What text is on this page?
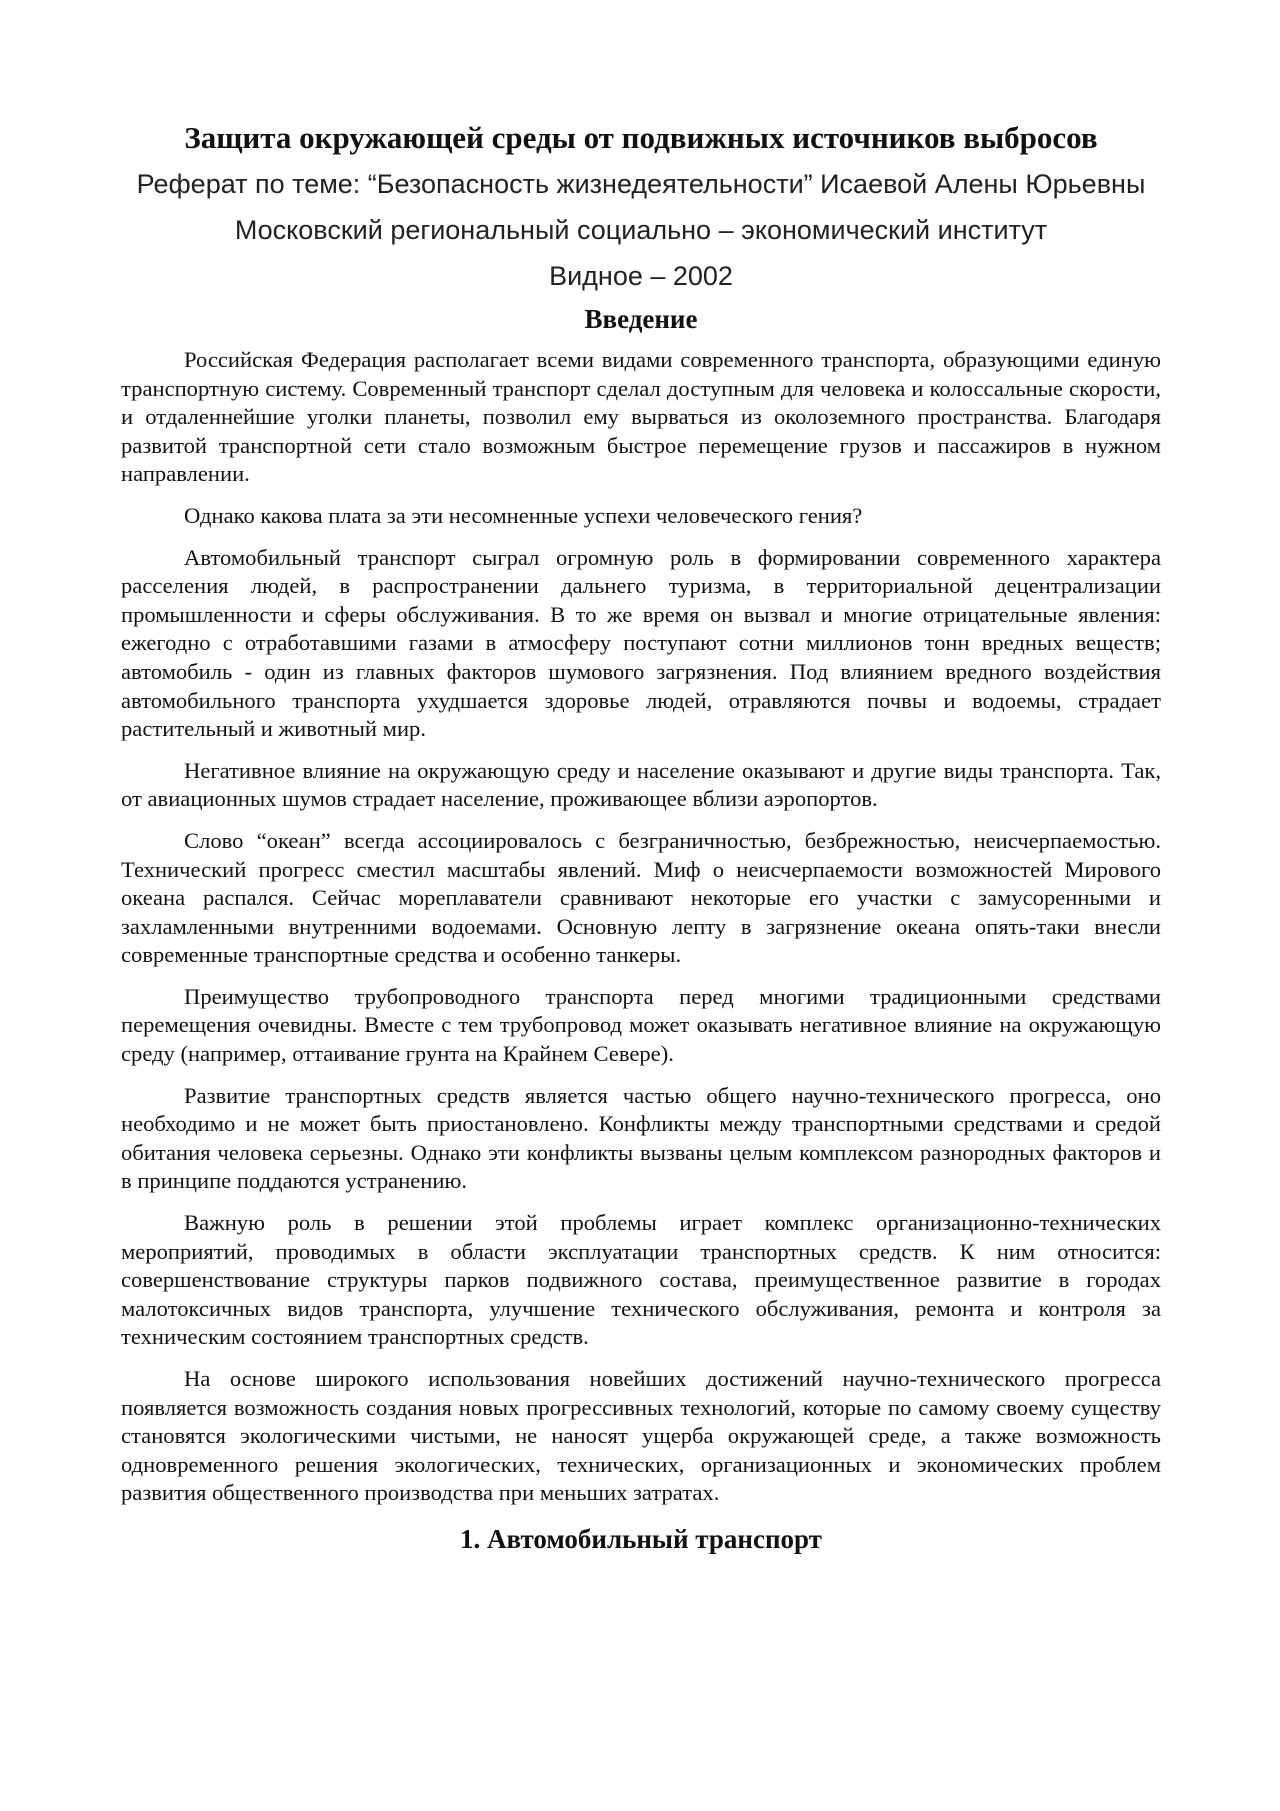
Защита окружающей среды от подвижных источников выбросов
Реферат по теме: “Безопасность жизнедеятельности” Исаевой Алены Юрьевны
Московский региональный социально – экономический институт
Видное – 2002
Введение

Российская Федерация располагает всеми видами современного транспорта, образующими единую транспортную систему. Современный транспорт сделал доступным для человека и колоссальные скорости, и отдаленнейшие уголки планеты, позволил ему вырваться из околоземного пространства. Благодаря развитой транспортной сети стало возможным быстрое перемещение грузов и пассажиров в нужном направлении.

Однако какова плата за эти несомненные успехи человеческого гения?

Автомобильный транспорт сыграл огромную роль в формировании современного характера расселения людей, в распространении дальнего туризма, в территориальной децентрализации промышленности и сферы обслуживания. В то же время он вызвал и многие отрицательные явления: ежегодно с отработавшими газами в атмосферу поступают сотни миллионов тонн вредных веществ; автомобиль - один из главных факторов шумового загрязнения. Под влиянием вредного воздействия автомобильного транспорта ухудшается здоровье людей, отравляются почвы и водоемы, страдает растительный и животный мир.

Негативное влияние на окружающую среду и население оказывают и другие виды транспорта. Так, от авиационных шумов страдает население, проживающее вблизи аэропортов.

Слово “океан” всегда ассоциировалось с безграничностью, безбрежностью, неисчерпаемостью. Технический прогресс сместил масштабы явлений. Миф о неисчерпаемости возможностей Мирового океана распался. Сейчас мореплаватели сравнивают некоторые его участки с замусоренными и захламленными внутренними водоемами. Основную лепту в загрязнение океана опять-таки внесли современные транспортные средства и особенно танкеры.

Преимущество трубопроводного транспорта перед многими традиционными средствами перемещения очевидны. Вместе с тем трубопровод может оказывать негативное влияние на окружающую среду (например, оттаивание грунта на Крайнем Севере).

Развитие транспортных средств является частью общего научно-технического прогресса, оно необходимо и не может быть приостановлено. Конфликты между транспортными средствами и средой обитания человека серьезны. Однако эти конфликты вызваны целым комплексом разнородных факторов и в принципе поддаются устранению.

Важную роль в решении этой проблемы играет комплекс организационно-технических мероприятий, проводимых в области эксплуатации транспортных средств. К ним относится: совершенствование структуры парков подвижного состава, преимущественное развитие в городах малотоксичных видов транспорта, улучшение технического обслуживания, ремонта и контроля за техническим состоянием транспортных средств.

На основе широкого использования новейших достижений научно-технического прогресса появляется возможность создания новых прогрессивных технологий, которые по самому своему существу становятся экологическими чистыми, не наносят ущерба окружающей среде, а также возможность одновременного решения экологических, технических, организационных и экономических проблем развития общественного производства при меньших затратах.

1. Автомобильный транспорт
